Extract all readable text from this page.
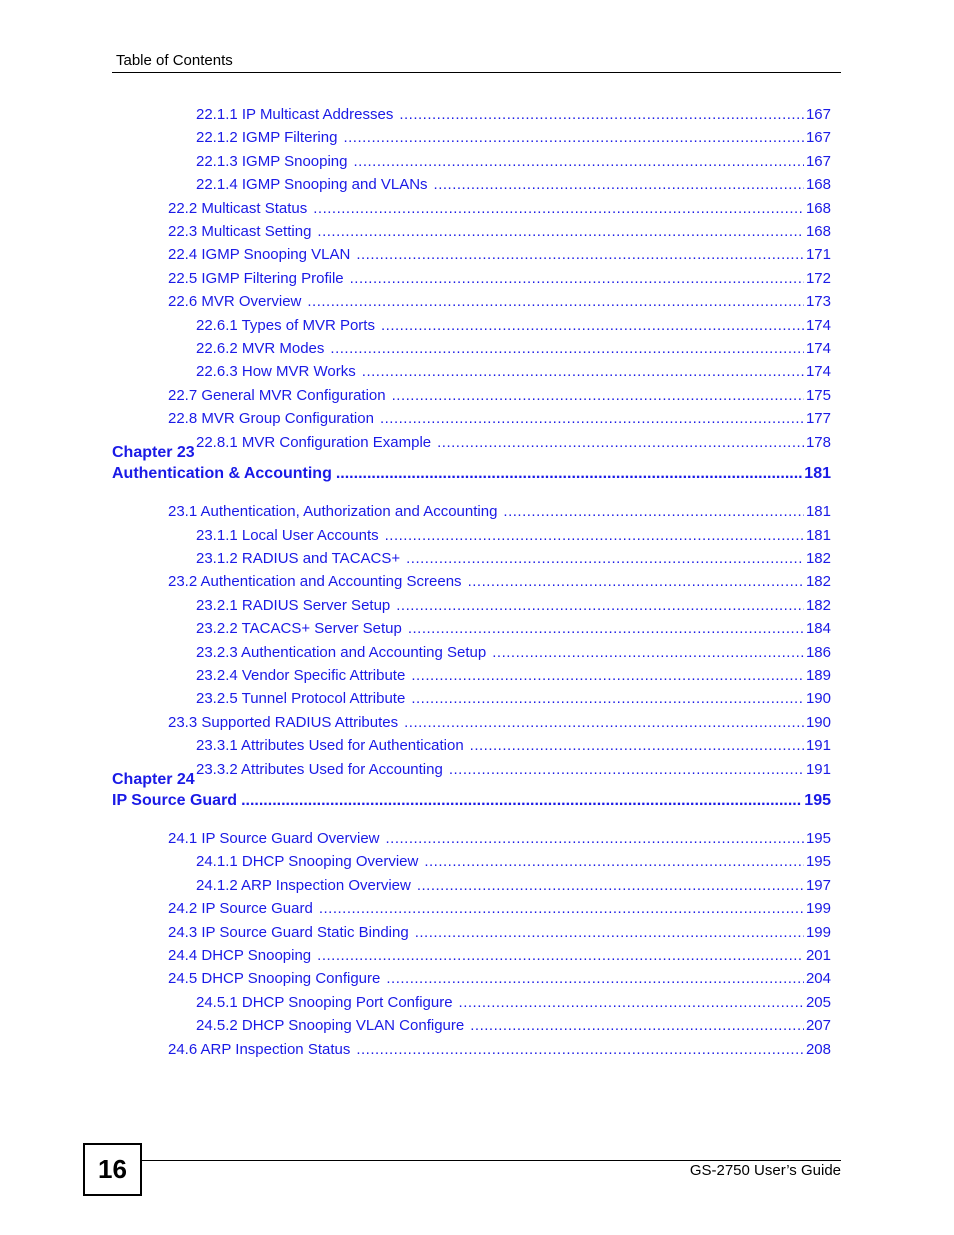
Table of Contents
22.1.1 IP Multicast Addresses .....	167
22.1.2 IGMP Filtering .....	167
22.1.3 IGMP Snooping .....	167
22.1.4 IGMP Snooping and VLANs .....	168
22.2 Multicast Status .....	168
22.3 Multicast Setting .....	168
22.4 IGMP Snooping VLAN .....	171
22.5 IGMP Filtering Profile .....	172
22.6 MVR Overview .....	173
22.6.1 Types of MVR Ports .....	174
22.6.2 MVR Modes .....	174
22.6.3 How MVR Works .....	174
22.7 General MVR Configuration .....	175
22.8 MVR Group Configuration .....	177
22.8.1 MVR Configuration Example .....	178
Chapter 23
Authentication & Accounting .....	181
23.1 Authentication, Authorization and Accounting .....	181
23.1.1 Local User Accounts .....	181
23.1.2 RADIUS and TACACS+ .....	182
23.2 Authentication and Accounting Screens .....	182
23.2.1 RADIUS Server Setup .....	182
23.2.2 TACACS+ Server Setup .....	184
23.2.3 Authentication and Accounting Setup .....	186
23.2.4 Vendor Specific Attribute .....	189
23.2.5 Tunnel Protocol Attribute .....	190
23.3 Supported RADIUS Attributes .....	190
23.3.1 Attributes Used for Authentication .....	191
23.3.2 Attributes Used for Accounting .....	191
Chapter 24
IP Source Guard .....	195
24.1 IP Source Guard Overview .....	195
24.1.1 DHCP Snooping Overview .....	195
24.1.2 ARP Inspection Overview .....	197
24.2 IP Source Guard .....	199
24.3 IP Source Guard Static Binding .....	199
24.4 DHCP Snooping .....	201
24.5 DHCP Snooping Configure .....	204
24.5.1 DHCP Snooping Port Configure .....	205
24.5.2 DHCP Snooping VLAN Configure .....	207
24.6 ARP Inspection Status .....	208
16	GS-2750 User’s Guide
